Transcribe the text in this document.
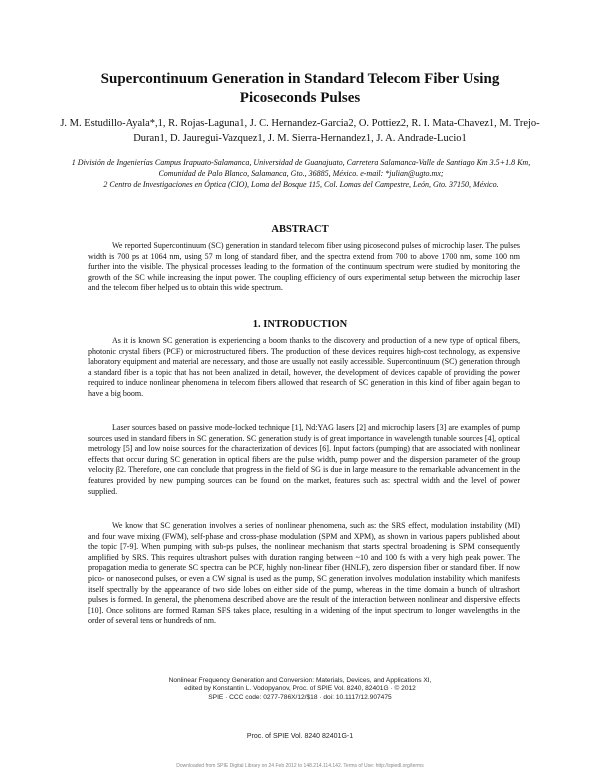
Supercontinuum Generation in Standard Telecom Fiber Using Picoseconds Pulses
J. M. Estudillo-Ayala*,1, R. Rojas-Laguna1, J. C. Hernandez-Garcia2, O. Pottiez2, R. I. Mata-Chavez1, M. Trejo-Duran1, D. Jauregui-Vazquez1, J. M. Sierra-Hernandez1, J. A. Andrade-Lucio1

1 División de Ingenierías Campus Irapuato-Salamanca, Universidad de Guanajuato, Carretera Salamanca-Valle de Santiago Km 3.5+1.8 Km, Comunidad de Palo Blanco, Salamanca, Gto., 36885, México. e-mail: *julian@ugto.mx;

2 Centro de Investigaciones en Óptica (CIO), Loma del Bosque 115, Col. Lomas del Campestre, León, Gto. 37150, México.

ABSTRACT

We reported Supercontinuum (SC) generation in standard telecom fiber using picosecond pulses of microchip laser. The pulses width is 700 ps at 1064 nm, using 57 m long of standard fiber, and the spectra extend from 700 to above 1700 nm, some 100 nm further into the visible. The physical processes leading to the formation of the continuum spectrum were studied by monitoring the growth of the SC while increasing the input power. The coupling efficiency of ours experimental setup between the microchip laser and the telecom fiber helped us to obtain this wide spectrum.

1. INTRODUCTION

As it is known SC generation is experiencing a boom thanks to the discovery and production of a new type of optical fibers, photonic crystal fibers (PCF) or microstructured fibers. The production of these devices requires high-cost technology, as expensive laboratory equipment and material are necessary, and those are usually not easily accessible. Supercontinuum (SC) generation through a standard fiber is a topic that has not been analized in detail, however, the development of devices capable of providing the power required to induce nonlinear phenomena in telecom fibers allowed that research of SC generation in this kind of fiber again began to have a big boom.

Laser sources based on passive mode-locked technique [1], Nd:YAG lasers [2] and microchip lasers [3] are examples of pump sources used in standard fibers in SC generation. SC generation study is of great importance in wavelength tunable sources [4], optical metrology [5] and low noise sources for the characterization of devices [6]. Input factors (pumping) that are associated with nonlinear effects that occur during SC generation in optical fibers are the pulse width, pump power and the dispersion parameter of the group velocity β2. Therefore, one can conclude that progress in the field of SG is due in large measure to the remarkable advancement in the features provided by new pumping sources can be found on the market, features such as: spectral width and the level of power supplied.

We know that SC generation involves a series of nonlinear phenomena, such as: the SRS effect, modulation instability (MI) and four wave mixing (FWM), self-phase and cross-phase modulation (SPM and XPM), as shown in various papers published about the topic [7-9]. When pumping with sub-ps pulses, the nonlinear mechanism that starts spectral broadening is SPM consequently amplified by SRS. This requires ultrashort pulses with duration ranging between ~10 and 100 fs with a very high peak power. The propagation media to generate SC spectra can be PCF, highly non-linear fiber (HNLF), zero dispersion fiber or standard fiber. If now pico- or nanosecond pulses, or even a CW signal is used as the pump, SC generation involves modulation instability which manifests itself spectrally by the appearance of two side lobes on either side of the pump, whereas in the time domain a bunch of ultrashort pulses is formed. In general, the phenomena described above are the result of the interaction between nonlinear and dispersive effects [10]. Once solitons are formed Raman SFS takes place, resulting in a widening of the input spectrum to longer wavelengths in the order of several tens or hundreds of nm.

Nonlinear Frequency Generation and Conversion: Materials, Devices, and Applications XI,
edited by Konstantin L. Vodopyanov, Proc. of SPIE Vol. 8240, 82401G · © 2012
SPIE · CCC code: 0277-786X/12/$18 · doi: 10.1117/12.907475
Proc. of SPIE Vol. 8240 82401G-1
Downloaded from SPIE Digital Library on 24 Feb 2012 to 148.214.114.142. Terms of Use: http://spiedl.org/terms
